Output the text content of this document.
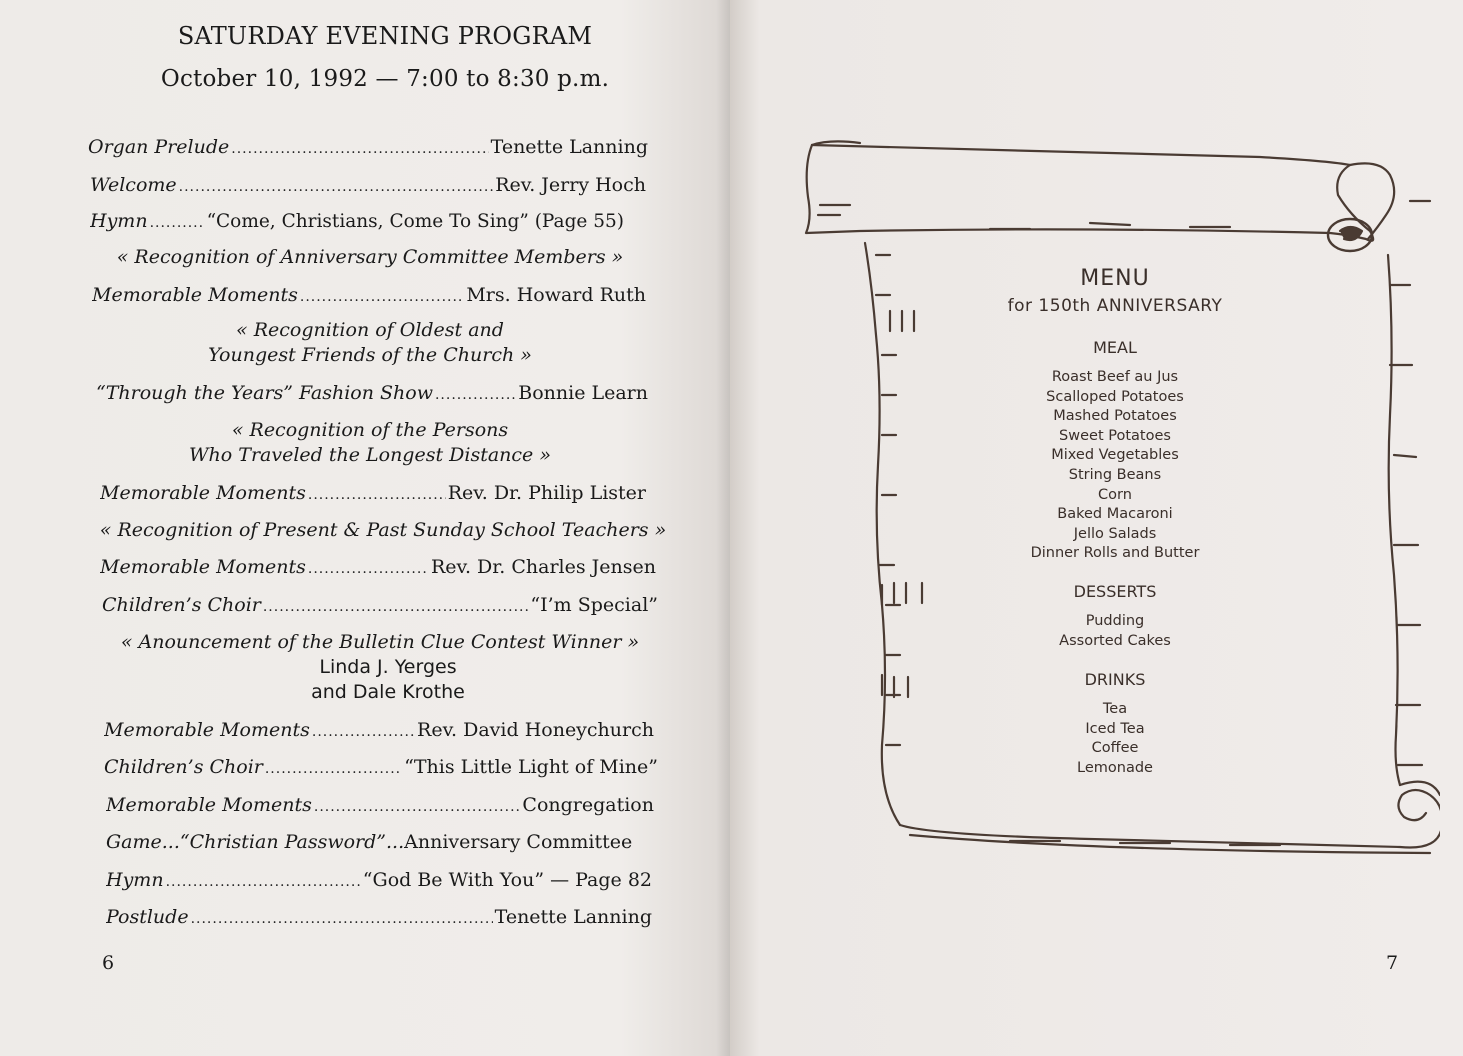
SATURDAY EVENING PROGRAM
October 10, 1992 — 7:00 to 8:30 p.m.
Organ Prelude .....	Tenette Lanning
Welcome .....	Rev. Jerry Hoch
Hymn .....	“Come, Christians, Come To Sing” (Page 55)
« Recognition of Anniversary Committee Members »
Memorable Moments .....	Mrs. Howard Ruth
« Recognition of Oldest and
Youngest Friends of the Church »
“Through the Years” Fashion Show .....	Bonnie Learn
« Recognition of the Persons
Who Traveled the Longest Distance »
Memorable Moments .....	Rev. Dr. Philip Lister
« Recognition of Present & Past Sunday School Teachers »
Memorable Moments .....	Rev. Dr. Charles Jensen
Children’s Choir .....	“I’m Special”
« Anouncement of the Bulletin Clue Contest Winner »
Linda J. Yerges
and Dale Krothe
Memorable Moments .....	Rev. David Honeychurch
Children’s Choir .....	“This Little Light of Mine”
Memorable Moments .....	Congregation
Game...“Christian Password”... Anniversary Committee
Hymn .....	“God Be With You” — Page 82
Postlude .....	Tenette Lanning
6	7
MENU
for 150th ANNIVERSARY
MEAL
Roast Beef au Jus
Scalloped Potatoes
Mashed Potatoes
Sweet Potatoes
Mixed Vegetables
String Beans
Corn
Baked Macaroni
Jello Salads
Dinner Rolls and Butter
DESSERTS
Pudding
Assorted Cakes
DRINKS
Tea
Iced Tea
Coffee
Lemonade
